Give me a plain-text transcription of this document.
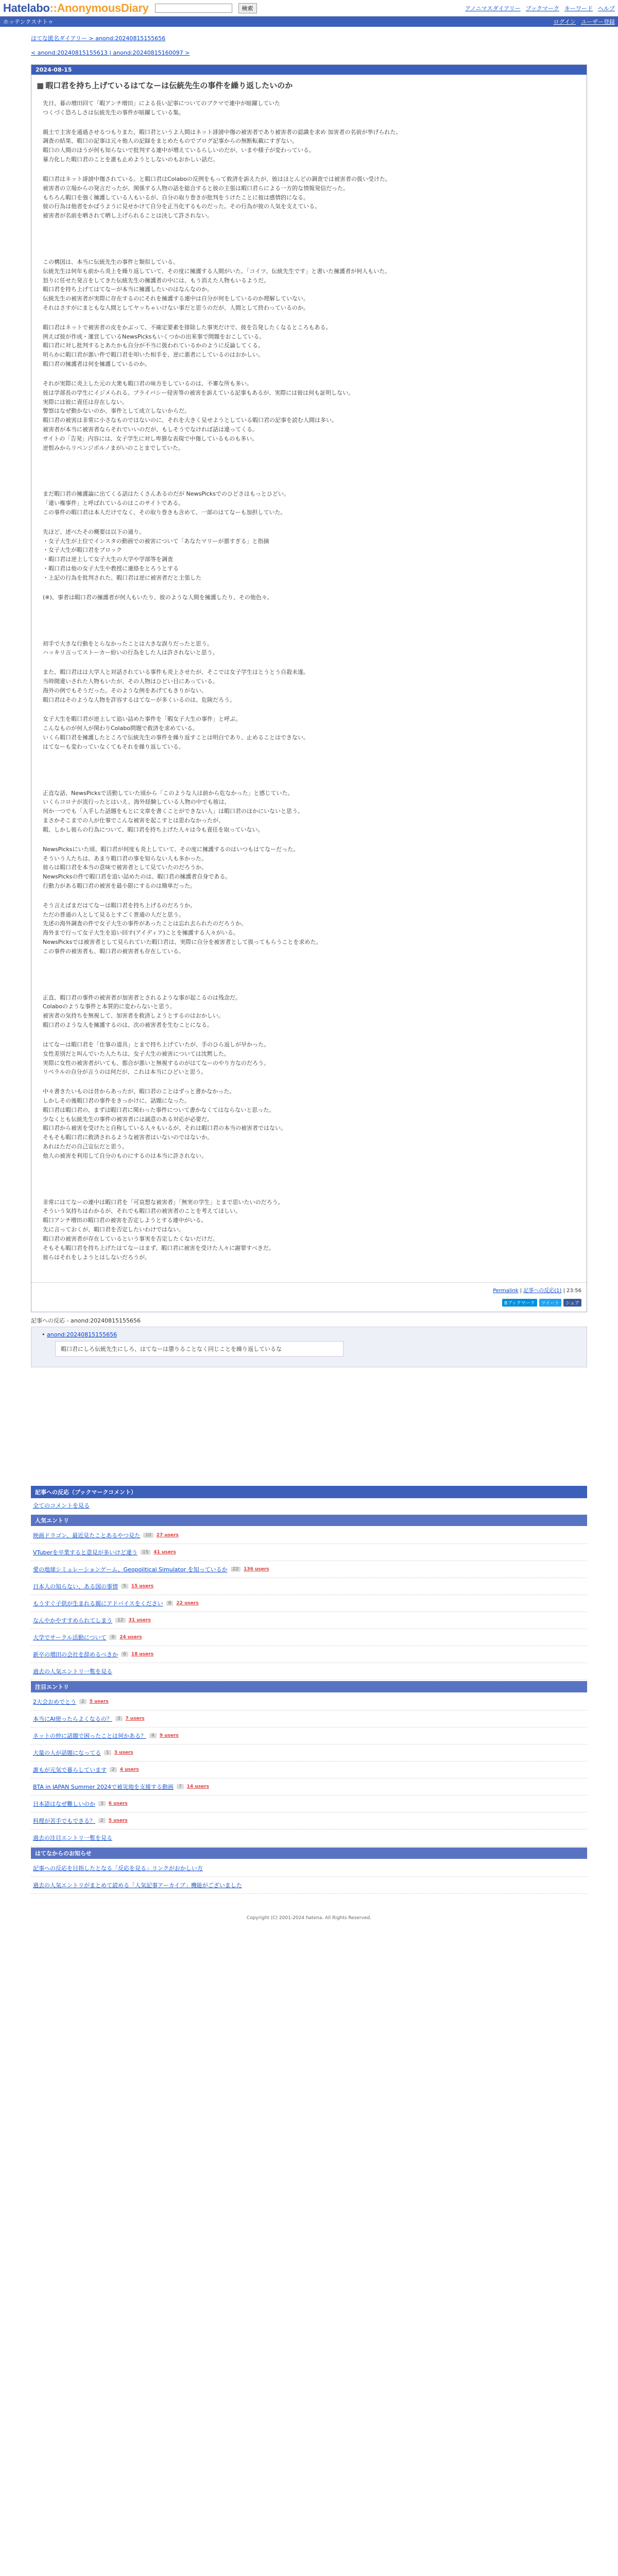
Hatelabo::AnonymousDiary	検索	アノニマスダイアリー ブックマーク キーワード ヘルプ
ホッテンクスナトゥ	ログイン ユーザー登録
はてな匿名ダイアリー > anond:20240815155656
< anond:20240815155613 | anond:20240815160097 >
2024-08-15
■ 暇口君を持ち上げているはてなーは伝統先生の事件を繰り返したいのか

先日、暮の増田回て「暇アンチ増田」による長い記事についてのブクマで連中が暗躍していた
つくづく恐ろしさは伝統先生の事件が暗躍している集。

親土で主害を通過させるつもりまた、暇口君というよ人間はネット誹謗中傷の被害者であり被害者の認識を求め 加害者の名前が挙げられた。
調査の結果、暇口の記事は元々他人の記録をまとめたものでブログ記事からの無断転載にすぎない。
暇口の人間のほうが何も知らないで批判する連中が増えているらしいのだが、いまや様子が変わっている。
暴力化した暇口君のことを誰も止めようとしないのもおかしい話だ。

暇口君はネット誹謗中傷されている。と暇口君はColaboの反例をもって救済を訴えたが、彼はほとんどの調査では被害者の扱い受けた。
被害者の立場からの発言だったが、関係する人物の話を総合すると彼の主張は暇口君らによる一方的な情報発信だった。
もちろん暇口を強く擁護している人もいるが、自分の取り巻きが批判をうけたことに彼は感情的になる。
彼の行為は他者をかばうように見せかけて自分を正当化するものだった。その行為が彼の人気を支えている。
被害者が名前を晒されて晒し上げられることは決して許されない。

この構図は、本当に伝統先生の事件と類似している。
伝統先生は何年も前から炎上を繰り返していて、その度に擁護する人間がいた。「コイツ、伝統先生です」と書いた擁護者が何人もいた。
怒りに任せた発言をしてきた伝統先生の擁護者の中には、もう消えた人物もいるようだ。
暇口君を持ち上げてはてなーが本当に擁護したいのはなんなのか。
伝統先生の被害者が実際に存在するのにそれを擁護する連中は自分が何をしているのか理解していない。
それはさすがにまともな人間としてヤッちゃいけない事だと思うのだが、人間として終わっているのか。

暇口君はネットで被害者の皮をかぶって、不確定要素を排除した事実だけで、彼を告発したくなるところもある。
例えば彼が作成・運営しているNewsPicksもいくつかの出来事で問題をおこしている。
暇口君に対し批判するとあたかも自分が不当に扱われているかのように反論してくる。
明らかに暇口君が悪い件で暇口君を叩いた相手を、逆に悪者にしているのはおかしい。
暇口君の擁護者は何を擁護しているのか。

それが実際に炎上した元の大衆も暇口君の味方をしているのは、不審な所も多い。
彼は学部長の学生にイジメられる。プライバシー侵害等の被害を訴えている記事もあるが、実際には彼は何も証明しない。
実際には彼に責任は存在しない。
警察はなぜ動かないのか、事件として成立しないからだ。
暇口君の被害は非常に小さなものではないのに、それを大きく見せようとしている暇口君の記事を読む人間は多い。
被害者が本当に被害者ならそれでいいのだが、もしそうでなければ話は違ってくる。
サイトの「告発」内容には、女子学生に対し卑猥な表現で中傷しているものも多い。
逆恨みからリベンジポルノまがいのことまでしていた。

まだ暇口君の擁護論に出てくる話はたくさんあるのだが NewsPicksでのひどさはもっとひどい。
「違い権事件」と呼ばれているのはこのサイトである。
この事件の暇口君は本人だけでなく、その取り巻きも含めて、一部のはてなーも加担していた。

先ほど、述べたその概要は以下の通り。
・女子大生が上位でインスタの動画での被害について「あなたマリーが悪すぎる」と指摘
・女子大生が暇口君をブロック
・暇口君は逆上して女子大生の大学や学部等を調査
・暇口君は他の女子大生や教授に連絡をとろうとする
・上記の行為を批判された、暇口君は逆に被害者だと主張した

(※)、事者は暇口君の擁護者が何人もいたり、彼のような人間を擁護したり、その他色々。

初手で大きな行動をとらなかったことは大きな誤りだったと思う。
ハッキリ言ってストーカー紛いの行為をした人は許されないと思う。

また、暇口君はは大学人と対話されている事件も炎上させたが、そこでは女子学生はとうとう自殺未遂。
当時間違いされた人物もいたが、その人物はひどい目にあっている。
海外の例でもそうだった。そのような例をあげてもきりがない。
暇口君はそのような人物を許容するはてなーが多くいるのは、危険だろう。

女子大生を暇口君が逆上して追い詰めた事件を「暇女子大生の事件」と呼ぶ。
こんなものが何人が関わりColabo問題で救済を求めている。
いくら暇口君を擁護したところで伝統先生の事件を繰り返すことは明白であり、止めることはできない。
はてなーも変わっていなくてもそれを繰り返している。

正直な話、NewsPicksで活動していた頃から「このような人は前から危なかった」と感じていた。
いくらコロナが流行ったとはいえ、海外経験している人物の中でも彼は、
何か一つでも「入手した話題をもとに文章を書くことができない人」は暇口君のほかにいないと思う。
まさかそこまでの人が仕事でこんな被害を起こすとは思わなかったが、
暇、しかし彼らの行為について、暇口君を持ち上げた人々は今も責任を取っていない。

NewsPicksにいた頃、暇口君が何度も炎上していて、その度に擁護するのはいつもはてなーだった。
そういう人たちは、あまり暇口君の事を知らない人も多かった。
彼らは暇口君を本当の意味で被害者として見ていたのだろうか。
NewsPicksの件で暇口君を追い詰めたのは、暇口君の擁護者自身である。
行動力がある暇口君の被害を最小限にするのは簡単だった。

そう言えばまだはてなーは暇口君を持ち上げるのだろうか。
ただの普通の人として見るとすごく普通の人だと思う。
先述の海外調査の件で女子大生の事件があったことは忘れ去られたのだろうか。
海外まで行って女子大生を追い回す(アイディア)ことを擁護する人々がいる。
NewsPicksでは被害者として見られていた暇口君は、実際に自分を被害者として扱ってもらうことを求めた。
この事件の被害者も、暇口君の被害者も存在している。

正直、暇口君の事件の被害者が加害者とされるような事が起こるのは残念だ。
Colaboのような事件と本質的に変わらないと思う。
被害者の気持ちを無視して、加害者を救済しようとするのはおかしい。
暇口君のような人を擁護するのは、次の被害者を生むことになる。

はてなーは暇口君を「仕事の道具」とまで持ち上げていたが、手のひら返しが早かった。
女性差別だと叫んでいた人たちは、女子大生の被害については沈黙した。
実際に女性の被害者がいても、都合が悪いと無視するのがはてなーのやり方なのだろう。
リベラルの自分が言うのは何だが、これは本当にひどいと思う。

中々書きたいものは昔からあったが、暇口君のことはずっと書かなかった。
しかしその後暇口君の事件をきっかけに、話題になった。
暇口君は暇口君の、まずは暇口君に関わった事件について書かなくてはならないと思った。
少なくとも伝統先生の事件の被害者には誠意のある対応が必要だ。
暇口君から被害を受けたと自称している人々もいるが、それは暇口君の本当の被害者ではない。
そもそも暇口君に救済されるような被害者はいないのではないか。
あれはただの自己宣伝だと思う。
他人の被害を利用して自分のものにするのは本当に許されない。

非常にはてなーの連中は暇口君を「可哀想な被害者」「無実の学生」とまで思いたいのだろう。
そういう気持ちはわかるが、それでも暇口君の被害者のことを考えてほしい。
暇口アンチ増田の暇口君の被害を否定しようとする連中がいる。
先に言っておくが、暇口君を否定したいわけではない。
暇口君の被害者が存在しているという事実を否定したくないだけだ。
そもそも暇口君を持ち上げたはてなーはまず、暇口君に被害を受けた人々に謝罪すべきだ。
彼らはそれをしようとはしないだろうが。

Permalink | 記事への反応(1) | 23:56
Bブックマーク	ツイート	シェア
記事への反応 - anond:20240815155656
• anond:20240815155656
暇口君にしろ伝統先生にしろ、はてなーは懲りることなく同じことを繰り返しているな
記事への反応（ブックマークコメント）
全てのコメントを見る
人気エントリ
映画ドラゴン、最近見たことあるやつ見た	10	27 users
VTuberを卒業すると意見が多いけど違う	15	41 users
愛の地球シミュレーションゲーム、Geopolitical Simulator を知っているか	22	136 users
日本人の知らない、ある国の事情	5	15 users
もうすぐ子供が生まれる親にアドバイスをください	8	22 users
なんやかやすすめられてしまう	12	31 users
大学でサークル活動について	9	24 users
新卒の増田の会社を辞めるべきか	6	18 users
過去の人気エントリ一覧を見る
注目エントリ
2大会おめでとう	2	5 users
本当にAI使ったらよくなるの？	3	7 users
ネットの仲に話題で困ったことは何かある？	4	9 users
大量の人が話題になってる	1	3 users
誰もが元気で暮らしています	2	4 users
BTA in JAPAN Summer 2024で被災地を支援する動画	7	14 users
日本語はなぜ難しいのか	3	6 users
料理が苦手でもできる？	2	5 users
過去の注目エントリ一覧を見る
はてなからのお知らせ
記事への反応を目指したとなる「反応を見る」リンクがおかしい方
過去の人気エントリがまとめて読める「人気記事アーカイブ」機能がございました
Copyright (C) 2001-2024 hatena. All Rights Reserved.
